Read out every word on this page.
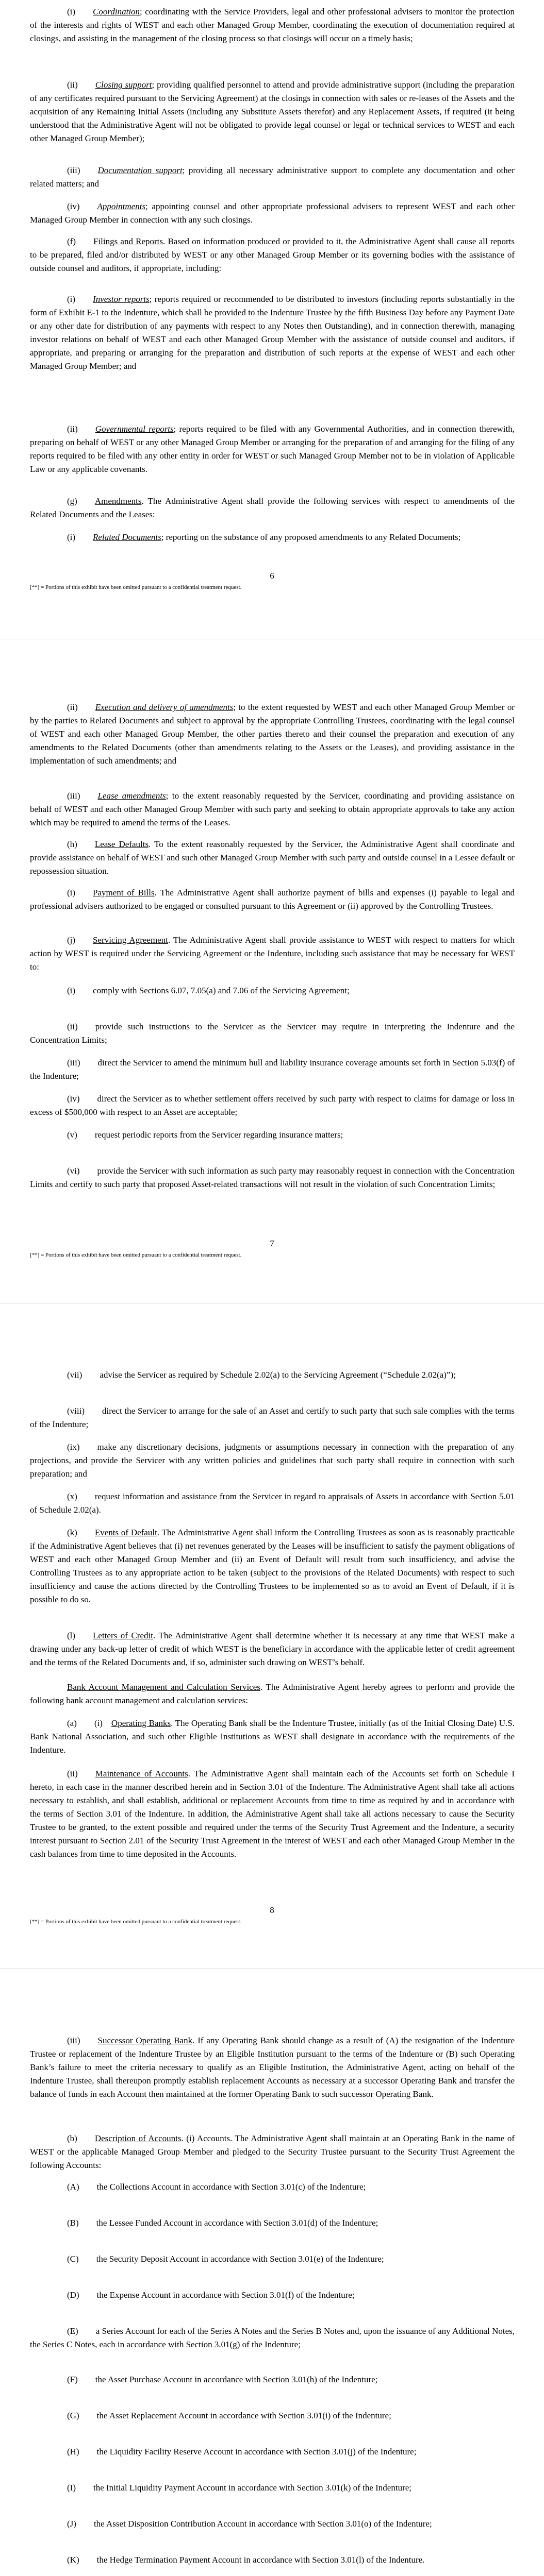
(i)   Coordination; coordinating with the Service Providers, legal and other professional advisers to monitor the protection of the interests and rights of WEST and each other Managed Group Member, coordinating the execution of documentation required at closings, and assisting in the management of the closing process so that closings will occur on a timely basis;

(ii)   Closing support; providing qualified personnel to attend and provide administrative support (including the preparation of any certificates required pursuant to the Servicing Agreement) at the closings in connection with sales or re-leases of the Assets and the acquisition of any Remaining Initial Assets (including any Substitute Assets therefor) and any Replacement Assets, if required (it being understood that the Administrative Agent will not be obligated to provide legal counsel or legal or technical services to WEST and each other Managed Group Member);

(iii)   Documentation support; providing all necessary administrative support to complete any documentation and other related matters; and

(iv)   Appointments; appointing counsel and other appropriate professional advisers to represent WEST and each other Managed Group Member in connection with any such closings.

(f)   Filings and Reports. Based on information produced or provided to it, the Administrative Agent shall cause all reports to be prepared, filed and/or distributed by WEST or any other Managed Group Member or its governing bodies with the assistance of outside counsel and auditors, if appropriate, including:

(i)   Investor reports; reports required or recommended to be distributed to investors (including reports substantially in the form of Exhibit E-1 to the Indenture, which shall be provided to the Indenture Trustee by the fifth Business Day before any Payment Date or any other date for distribution of any payments with respect to any Notes then Outstanding), and in connection therewith, managing investor relations on behalf of WEST and each other Managed Group Member with the assistance of outside counsel and auditors, if appropriate, and preparing or arranging for the preparation and distribution of such reports at the expense of WEST and each other Managed Group Member; and

(ii)   Governmental reports; reports required to be filed with any Governmental Authorities, and in connection therewith, preparing on behalf of WEST or any other Managed Group Member or arranging for the preparation of and arranging for the filing of any reports required to be filed with any other entity in order for WEST or such Managed Group Member not to be in violation of Applicable Law or any applicable covenants.

(g)   Amendments. The Administrative Agent shall provide the following services with respect to amendments of the Related Documents and the Leases:

(i)   Related Documents; reporting on the substance of any proposed amendments to any Related Documents;

6
[**] = Portions of this exhibit have been omitted pursuant to a confidential treatment request.

(ii)   Execution and delivery of amendments; to the extent requested by WEST and each other Managed Group Member or by the parties to Related Documents and subject to approval by the appropriate Controlling Trustees, coordinating with the legal counsel of WEST and each other Managed Group Member, the other parties thereto and their counsel the preparation and execution of any amendments to the Related Documents (other than amendments relating to the Assets or the Leases), and providing assistance in the implementation of such amendments; and

(iii)   Lease amendments; to the extent reasonably requested by the Servicer, coordinating and providing assistance on behalf of WEST and each other Managed Group Member with such party and seeking to obtain appropriate approvals to take any action which may be required to amend the terms of the Leases.

(h)   Lease Defaults. To the extent reasonably requested by the Servicer, the Administrative Agent shall coordinate and provide assistance on behalf of WEST and such other Managed Group Member with such party and outside counsel in a Lessee default or repossession situation.

(i)   Payment of Bills. The Administrative Agent shall authorize payment of bills and expenses (i) payable to legal and professional advisers authorized to be engaged or consulted pursuant to this Agreement or (ii) approved by the Controlling Trustees.

(j)   Servicing Agreement. The Administrative Agent shall provide assistance to WEST with respect to matters for which action by WEST is required under the Servicing Agreement or the Indenture, including such assistance that may be necessary for WEST to:

(i)   comply with Sections 6.07, 7.05(a) and 7.06 of the Servicing Agreement;

(ii)   provide such instructions to the Servicer as the Servicer may require in interpreting the Indenture and the Concentration Limits;

(iii)   direct the Servicer to amend the minimum hull and liability insurance coverage amounts set forth in Section 5.03(f) of the Indenture;

(iv)   direct the Servicer as to whether settlement offers received by such party with respect to claims for damage or loss in excess of $500,000 with respect to an Asset are acceptable;

(v)   request periodic reports from the Servicer regarding insurance matters;

(vi)   provide the Servicer with such information as such party may reasonably request in connection with the Concentration Limits and certify to such party that proposed Asset-related transactions will not result in the violation of such Concentration Limits;

7
[**] = Portions of this exhibit have been omitted pursuant to a confidential treatment request.

(vii)   advise the Servicer as required by Schedule 2.02(a) to the Servicing Agreement (“Schedule 2.02(a)”);

(viii)   direct the Servicer to arrange for the sale of an Asset and certify to such party that such sale complies with the terms of the Indenture;

(ix)   make any discretionary decisions, judgments or assumptions necessary in connection with the preparation of any projections, and provide the Servicer with any written policies and guidelines that such party shall require in connection with such preparation; and

(x)   request information and assistance from the Servicer in regard to appraisals of Assets in accordance with Section 5.01 of Schedule 2.02(a).

(k)   Events of Default. The Administrative Agent shall inform the Controlling Trustees as soon as is reasonably practicable if the Administrative Agent believes that (i) net revenues generated by the Leases will be insufficient to satisfy the payment obligations of WEST and each other Managed Group Member and (ii) an Event of Default will result from such insufficiency, and advise the Controlling Trustees as to any appropriate action to be taken (subject to the provisions of the Related Documents) with respect to such insufficiency and cause the actions directed by the Controlling Trustees to be implemented so as to avoid an Event of Default, if it is possible to do so.

(l)   Letters of Credit. The Administrative Agent shall determine whether it is necessary at any time that WEST make a drawing under any back-up letter of credit of which WEST is the beneficiary in accordance with the applicable letter of credit agreement and the terms of the Related Documents and, if so, administer such drawing on WEST’s behalf.

Bank Account Management and Calculation Services. The Administrative Agent hereby agrees to perform and provide the following bank account management and calculation services:

(a)   (i)  Operating Banks. The Operating Bank shall be the Indenture Trustee, initially (as of the Initial Closing Date) U.S. Bank National Association, and such other Eligible Institutions as WEST shall designate in accordance with the requirements of the Indenture.

(ii)   Maintenance of Accounts. The Administrative Agent shall maintain each of the Accounts set forth on Schedule I hereto, in each case in the manner described herein and in Section 3.01 of the Indenture. The Administrative Agent shall take all actions necessary to establish, and shall establish, additional or replacement Accounts from time to time as required by and in accordance with the terms of Section 3.01 of the Indenture. In addition, the Administrative Agent shall take all actions necessary to cause the Security Trustee to be granted, to the extent possible and required under the terms of the Security Trust Agreement and the Indenture, a security interest pursuant to Section 2.01 of the Security Trust Agreement in the interest of WEST and each other Managed Group Member in the cash balances from time to time deposited in the Accounts.

8
[**] = Portions of this exhibit have been omitted pursuant to a confidential treatment request.

(iii)   Successor Operating Bank. If any Operating Bank should change as a result of (A) the resignation of the Indenture Trustee or replacement of the Indenture Trustee by an Eligible Institution pursuant to the terms of the Indenture or (B) such Operating Bank’s failure to meet the criteria necessary to qualify as an Eligible Institution, the Administrative Agent, acting on behalf of the Indenture Trustee, shall thereupon promptly establish replacement Accounts as necessary at a successor Operating Bank and transfer the balance of funds in each Account then maintained at the former Operating Bank to such successor Operating Bank.

(b)   Description of Accounts. (i) Accounts. The Administrative Agent shall maintain at an Operating Bank in the name of WEST or the applicable Managed Group Member and pledged to the Security Trustee pursuant to the Security Trust Agreement the following Accounts:

(A)   the Collections Account in accordance with Section 3.01(c) of the Indenture;

(B)   the Lessee Funded Account in accordance with Section 3.01(d) of the Indenture;

(C)   the Security Deposit Account in accordance with Section 3.01(e) of the Indenture;

(D)   the Expense Account in accordance with Section 3.01(f) of the Indenture;

(E)   a Series Account for each of the Series A Notes and the Series B Notes and, upon the issuance of any Additional Notes, the Series C Notes, each in accordance with Section 3.01(g) of the Indenture;

(F)   the Asset Purchase Account in accordance with Section 3.01(h) of the Indenture;

(G)   the Asset Replacement Account in accordance with Section 3.01(i) of the Indenture;

(H)   the Liquidity Facility Reserve Account in accordance with Section 3.01(j) of the Indenture;

(I)   the Initial Liquidity Payment Account in accordance with Section 3.01(k) of the Indenture;

(J)   the Asset Disposition Contribution Account in accordance with Section 3.01(o) of the Indenture;

(K)   the Hedge Termination Payment Account in accordance with Section 3.01(l) of the Indenture.
